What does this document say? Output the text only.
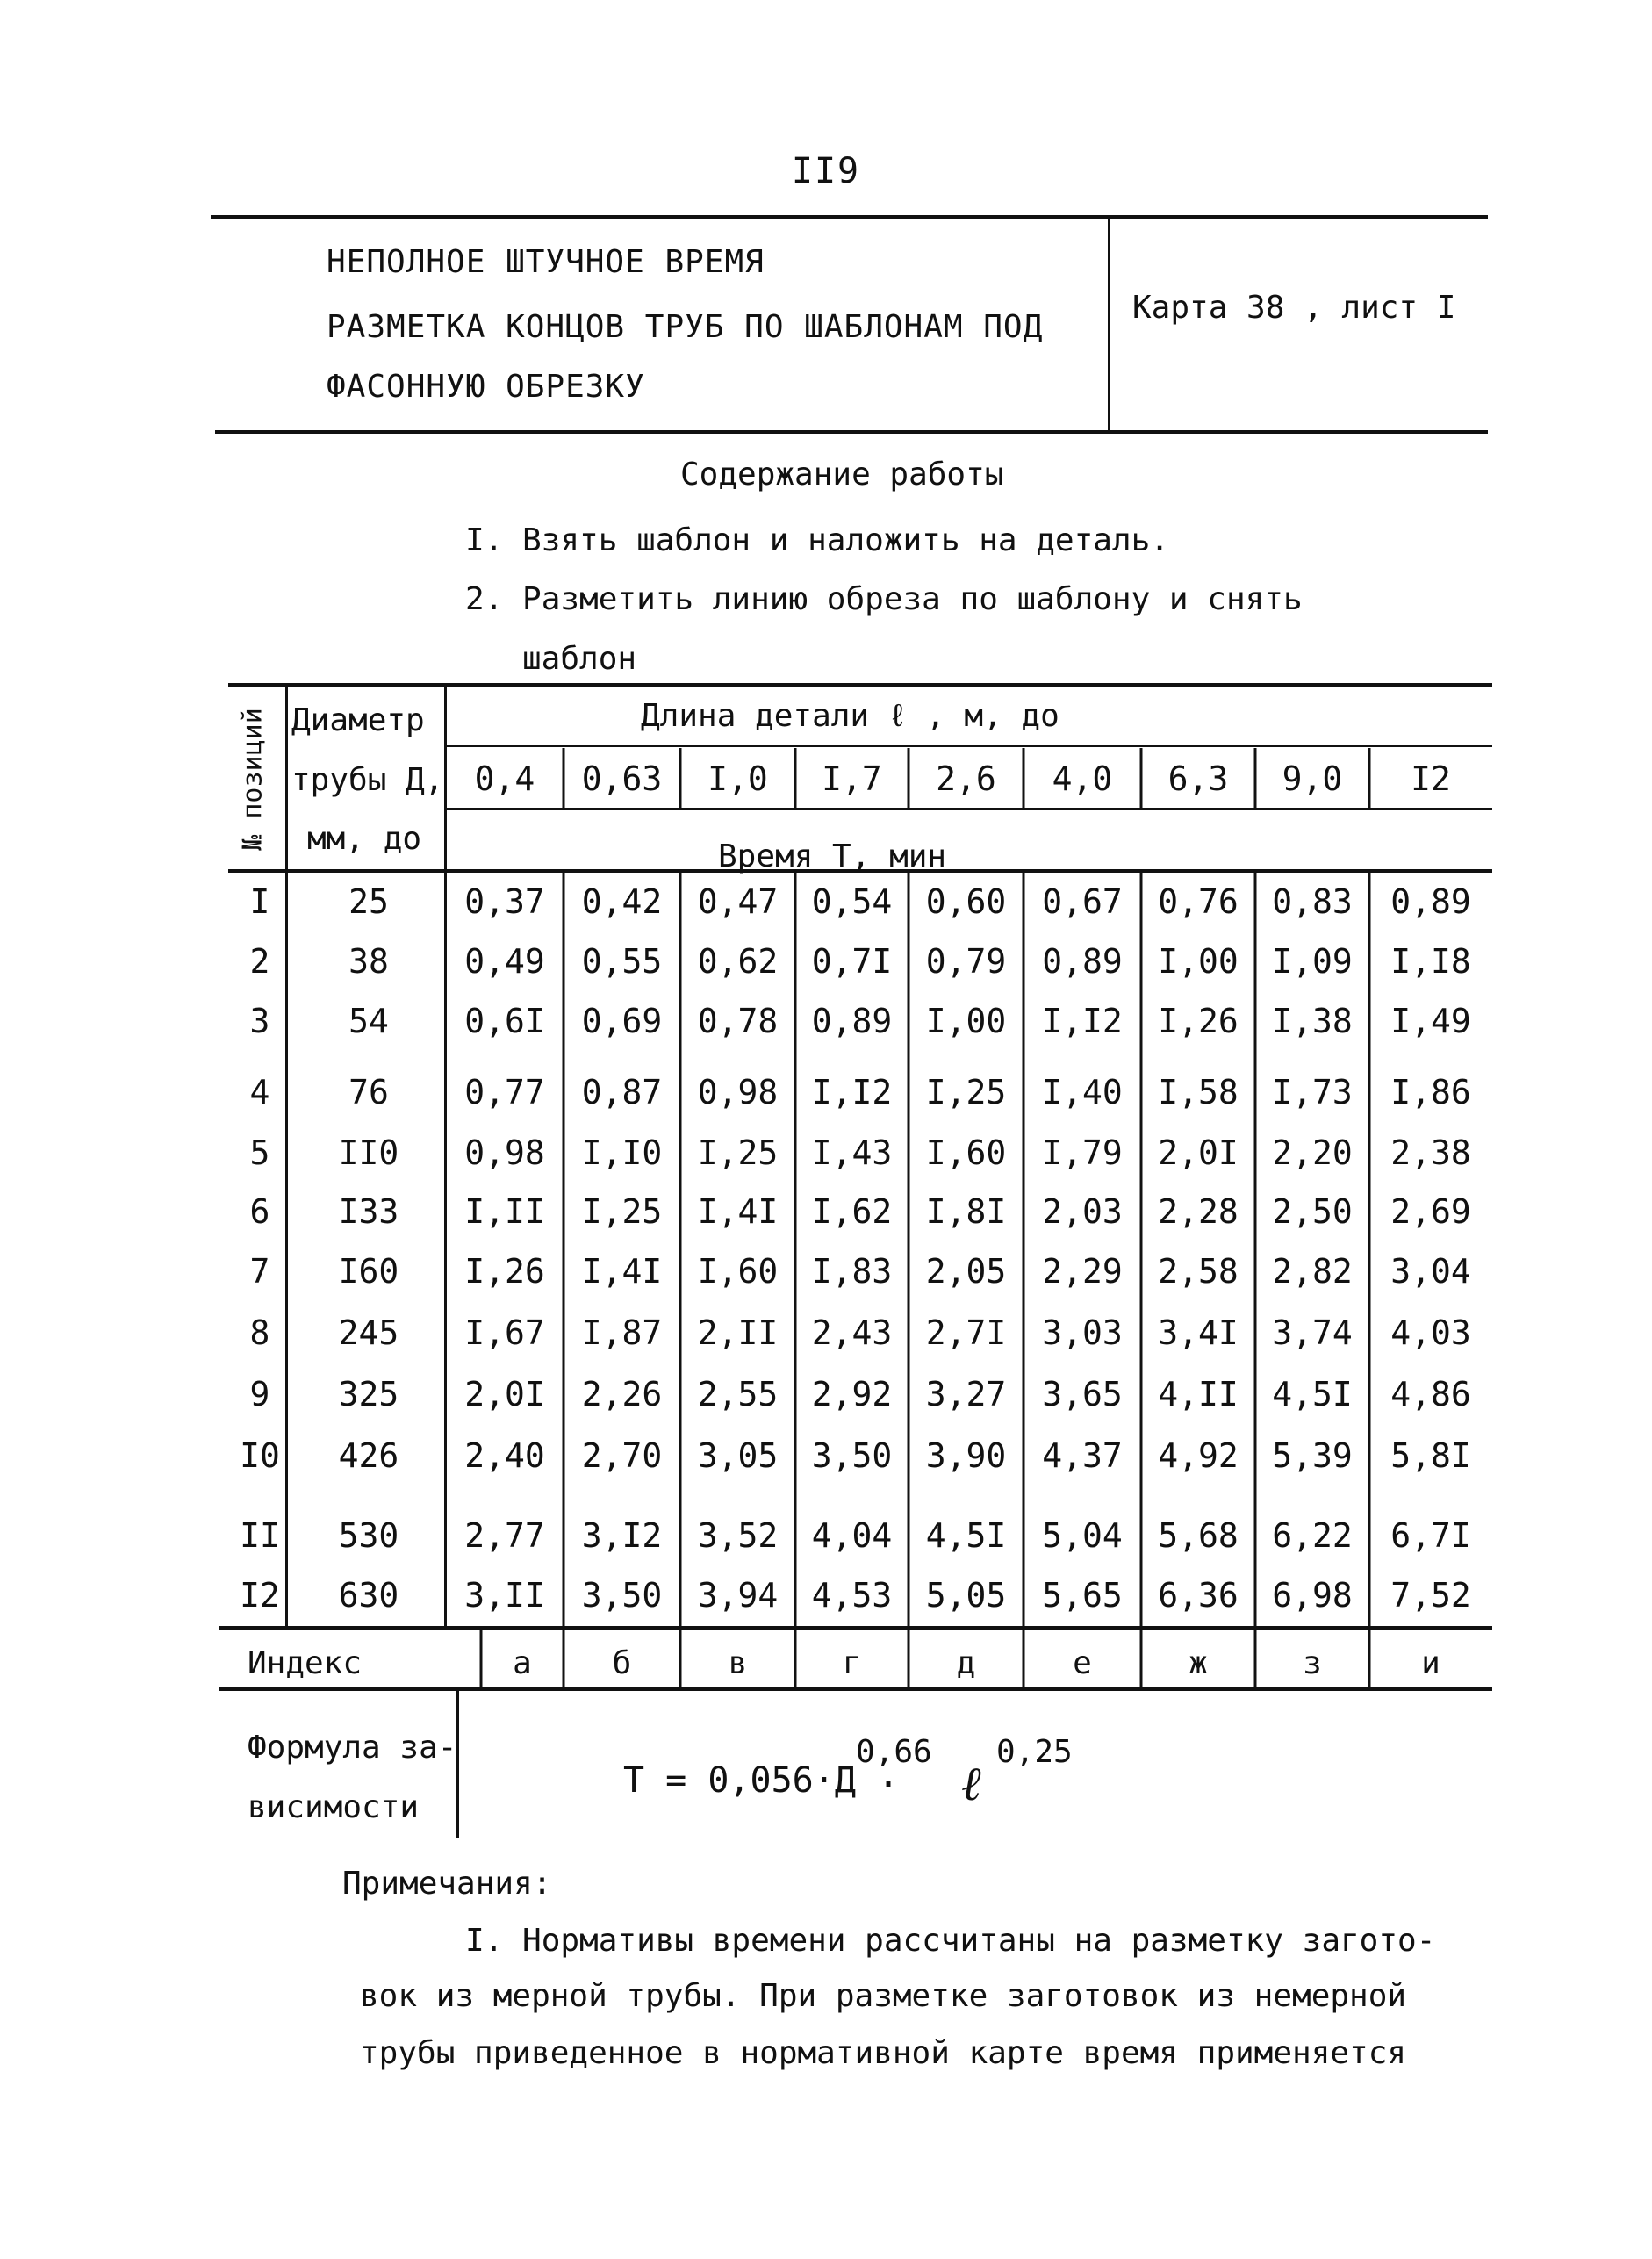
II9
НЕПОЛНОЕ ШТУЧНОЕ ВРЕМЯ
РАЗМЕТКА КОНЦОВ ТРУБ ПО ШАБЛОНАМ ПОД
ФАСОННУЮ ОБРЕЗКУ
Карта 38 , лист I
Содержание работы
I. Взять шаблон и наложить на деталь.
2. Разметить линию обреза по шаблону и снять
шаблон
№ позиций Диаметр
трубы Д,
мм, до
Длина детали ℓ , м, до
Время Т, мин
0,4 0,63 I,0 I,7 2,6 4,0 6,3 9,0 I2
I 25 0,37 0,42 0,47 0,54 0,60 0,67 0,76 0,83 0,89
2 38 0,49 0,55 0,62 0,7I 0,79 0,89 I,00 I,09 I,I8
3 54 0,6I 0,69 0,78 0,89 I,00 I,I2 I,26 I,38 I,49
4 76 0,77 0,87 0,98 I,I2 I,25 I,40 I,58 I,73 I,86
5 II0 0,98 I,I0 I,25 I,43 I,60 I,79 2,0I 2,20 2,38
6 I33 I,II I,25 I,4I I,62 I,8I 2,03 2,28 2,50 2,69
7 I60 I,26 I,4I I,60 I,83 2,05 2,29 2,58 2,82 3,04
8 245 I,67 I,87 2,II 2,43 2,7I 3,03 3,4I 3,74 4,03
9 325 2,0I 2,26 2,55 2,92 3,27 3,65 4,II 4,5I 4,86
I0 426 2,40 2,70 3,05 3,50 3,90 4,37 4,92 5,39 5,8I
II 530 2,77 3,I2 3,52 4,04 4,5I 5,04 5,68 6,22 6,7I
I2 630 3,II 3,50 3,94 4,53 5,05 5,65 6,36 6,98 7,52
Индекс	а	б	в	г	д	е	ж	з	и
Формула за-
висимости
Т = 0,056·Д
0,66
· ℓ
0,25
Примечания:
I. Нормативы времени рассчитаны на разметку загото-
вок из мерной трубы. При разметке заготовок из немерной
трубы приведенное в нормативной карте время применяется
